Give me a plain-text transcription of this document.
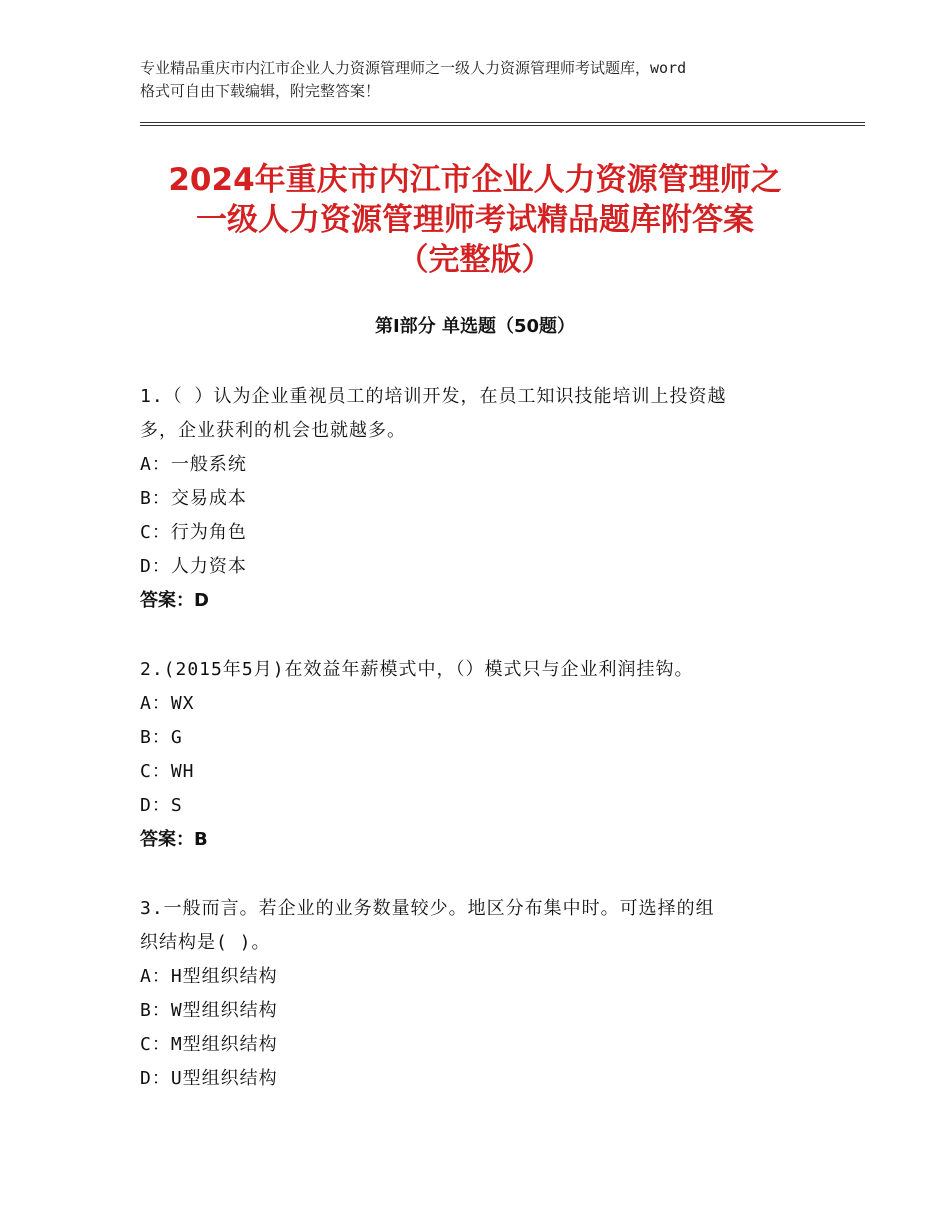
专业精品重庆市内江市企业人力资源管理师之一级人力资源管理师考试题库，word
格式可自由下载编辑，附完整答案！
2024年重庆市内江市企业人力资源管理师之
一级人力资源管理师考试精品题库附答案
（完整版）
第Ⅰ部分 单选题（50题）
1.（ ）认为企业重视员工的培训开发，在员工知识技能培训上投资越
多，企业获利的机会也就越多。
A：一般系统
B：交易成本
C：行为角色
D：人力资本
答案：D
2.(2015年5月)在效益年薪模式中，（）模式只与企业利润挂钩。
A：WX
B：G
C：WH
D：S
答案：B
3.一般而言。若企业的业务数量较少。地区分布集中时。可选择的组
织结构是( )。
A：H型组织结构
B：W型组织结构
C：M型组织结构
D：U型组织结构
